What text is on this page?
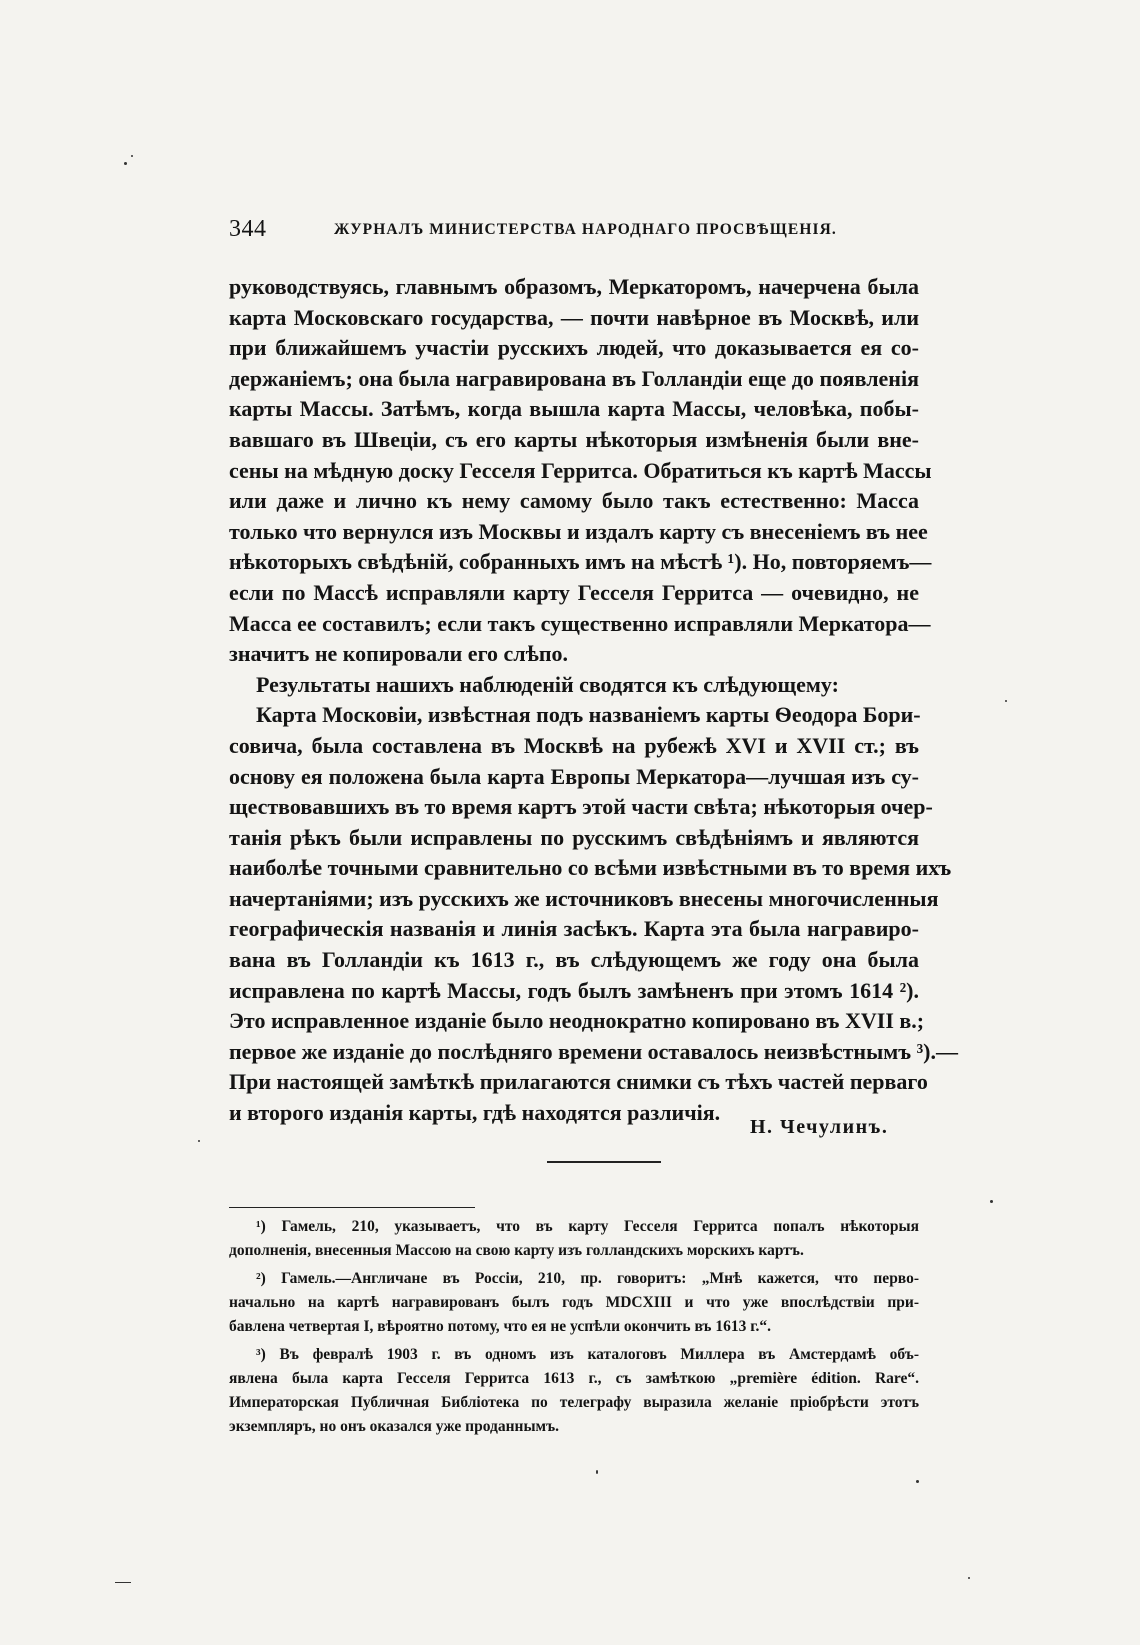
344	ЖУРНАЛЪ МИНИСТЕРСТВА НАРОДНАГО ПРОСВѢЩЕНІЯ.
руководствуясь, главнымъ образомъ, Меркаторомъ, начерчена была
карта Московскаго государства, — почти навѣрное въ Москвѣ, или
при ближайшемъ участіи русскихъ людей, что доказывается ея со-
держаніемъ; она была награвирована въ Голландіи еще до появленія
карты Массы. Затѣмъ, когда вышла карта Массы, человѣка, побы-
вавшаго въ Швеціи, съ его карты нѣкоторыя измѣненія были вне-
сены на мѣдную доску Гесселя Герритса. Обратиться къ картѣ Массы
или даже и лично къ нему самому было такъ естественно: Масса
только что вернулся изъ Москвы и издалъ карту съ внесеніемъ въ нее
нѣкоторыхъ свѣдѣній, собранныхъ имъ на мѣстѣ ¹). Но, повторяемъ—
если по Массѣ исправляли карту Гесселя Герритса — очевидно, не
Масса ее составилъ; если такъ существенно исправляли Меркатора—
значитъ не копировали его слѣпо.
Результаты нашихъ наблюденій сводятся къ слѣдующему:
Карта Московіи, извѣстная подъ названіемъ карты Ѳеодора Бори-
совича, была составлена въ Москвѣ на рубежѣ XVI и XVII ст.; въ
основу ея положена была карта Европы Меркатора—лучшая изъ су-
ществовавшихъ въ то время картъ этой части свѣта; нѣкоторыя очер-
танія рѣкъ были исправлены по русскимъ свѣдѣніямъ и являются
наиболѣе точными сравнительно со всѣми извѣстными въ то время ихъ
начертаніями; изъ русскихъ же источниковъ внесены многочисленныя
географическія названія и линія засѣкъ. Карта эта была награвиро-
вана въ Голландіи къ 1613 г., въ слѣдующемъ же году она была
исправлена по картѣ Массы, годъ былъ замѣненъ при этомъ 1614 ²).
Это исправленное изданіе было неоднократно копировано въ XVII в.;
первое же изданіе до послѣдняго времени оставалось неизвѣстнымъ ³).—
При настоящей замѣткѣ прилагаются снимки съ тѣхъ частей перваго
и второго изданія карты, гдѣ находятся различія.
Н. Чечулинъ.
¹) Гамель, 210, указываетъ, что въ карту Гесселя Герритса попалъ нѣкоторыя
дополненія, внесенныя Массою на свою карту изъ голландскихъ морскихъ картъ.
²) Гамель.—Англичане въ Россіи, 210, пр. говоритъ: „Мнѣ кажется, что перво-
начально на картѣ награвированъ былъ годъ MDCXIII и что уже впослѣдствіи при-
бавлена четвертая I, вѣроятно потому, что ея не успѣли окончить въ 1613 г.“.
³) Въ февралѣ 1903 г. въ одномъ изъ каталоговъ Миллера въ Амстердамѣ объ-
явлена была карта Гесселя Герритса 1613 г., съ замѣткою „première édition. Rare“.
Императорская Публичная Библіотека по телеграфу выразила желаніе пріобрѣсти этотъ
экземпляръ, но онъ оказался уже проданнымъ.
